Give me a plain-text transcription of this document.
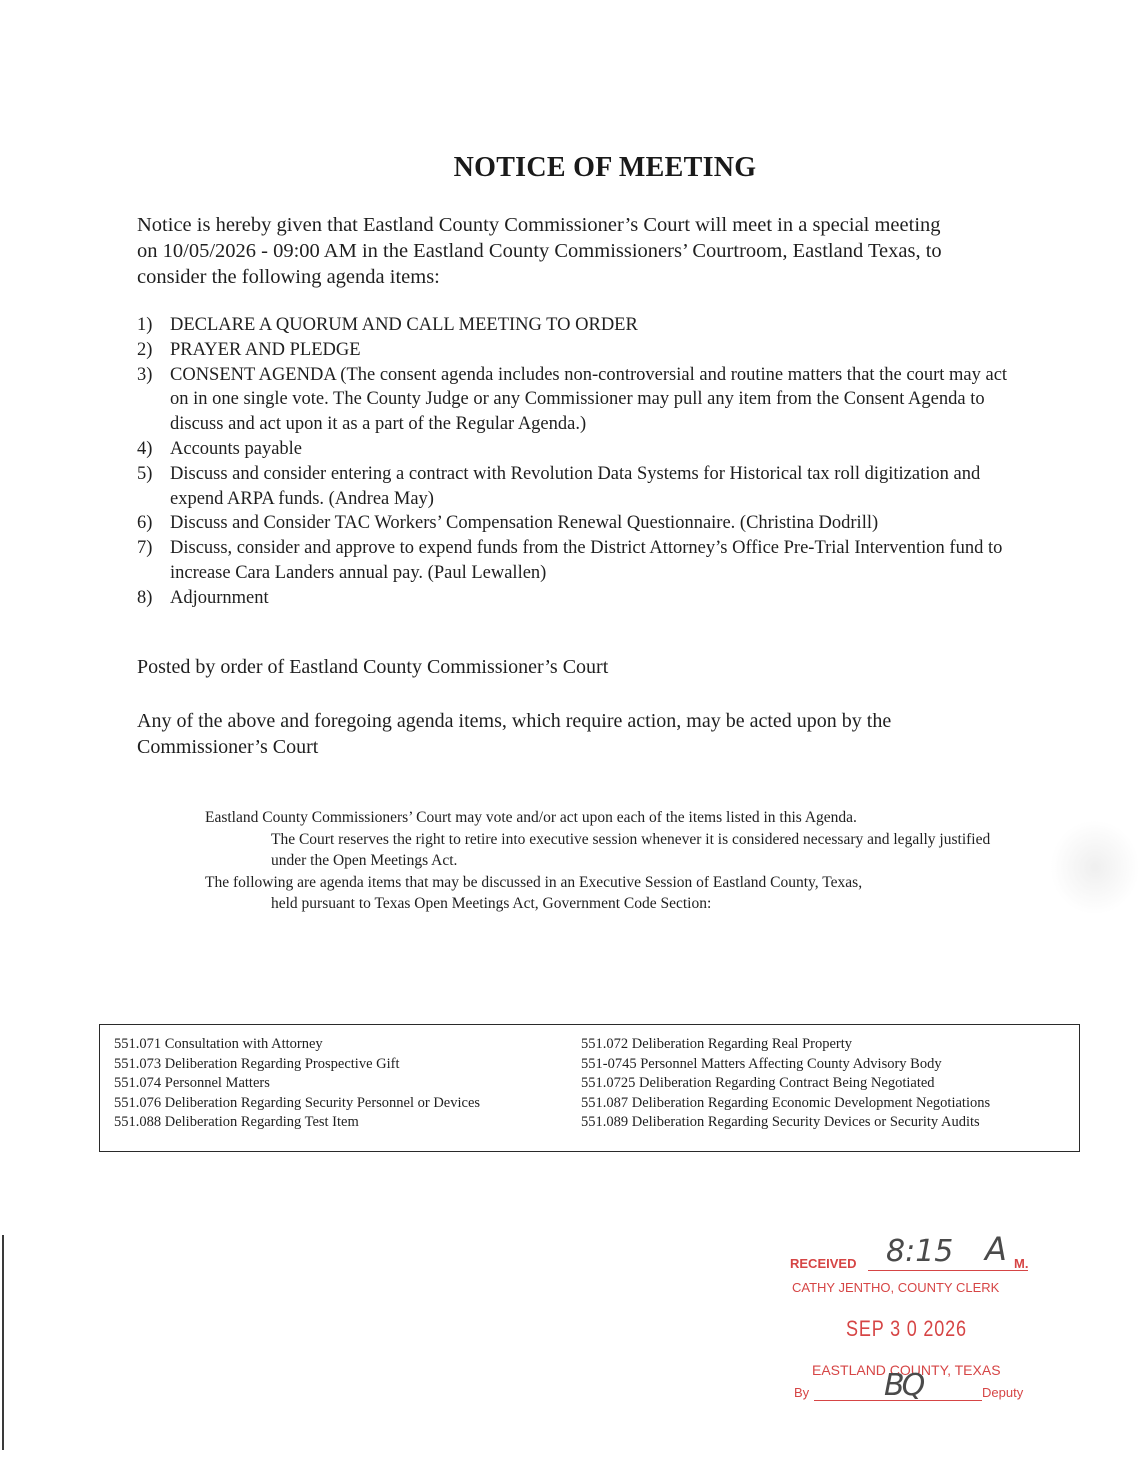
NOTICE OF MEETING
Notice is hereby given that Eastland County Commissioner’s Court will meet in a special meeting on 10/05/2026 - 09:00 AM in the Eastland County Commissioners’ Courtroom, Eastland Texas, to consider the following agenda items:
1) DECLARE A QUORUM AND CALL MEETING TO ORDER
2) PRAYER AND PLEDGE
3) CONSENT AGENDA (The consent agenda includes non-controversial and routine matters that the court may act on in one single vote. The County Judge or any Commissioner may pull any item from the Consent Agenda to discuss and act upon it as a part of the Regular Agenda.)
4) Accounts payable
5) Discuss and consider entering a contract with Revolution Data Systems for Historical tax roll digitization and expend ARPA funds. (Andrea May)
6) Discuss and Consider TAC Workers’ Compensation Renewal Questionnaire. (Christina Dodrill)
7) Discuss, consider and approve to expend funds from the District Attorney’s Office Pre-Trial Intervention fund to increase Cara Landers annual pay. (Paul Lewallen)
8) Adjournment
Posted by order of Eastland County Commissioner’s Court
Any of the above and foregoing agenda items, which require action, may be acted upon by the Commissioner’s Court
Eastland County Commissioners’ Court may vote and/or act upon each of the items listed in this Agenda.
The Court reserves the right to retire into executive session whenever it is considered necessary and legally justified under the Open Meetings Act.
The following are agenda items that may be discussed in an Executive Session of Eastland County, Texas,
held pursuant to Texas Open Meetings Act, Government Code Section:
551.071 Consultation with Attorney
551.073 Deliberation Regarding Prospective Gift
551.074 Personnel Matters
551.076 Deliberation Regarding Security Personnel or Devices
551.088 Deliberation Regarding Test Item
551.072 Deliberation Regarding Real Property
551-0745 Personnel Matters Affecting County Advisory Body
551.0725 Deliberation Regarding Contract Being Negotiated
551.087 Deliberation Regarding Economic Development Negotiations
551.089 Deliberation Regarding Security Devices or Security Audits
RECEIVED 8:15 A M.
CATHY JENTHO, COUNTY CLERK
SEP 3 0 2026
EASTLAND COUNTY, TEXAS
By BQ	Deputy
